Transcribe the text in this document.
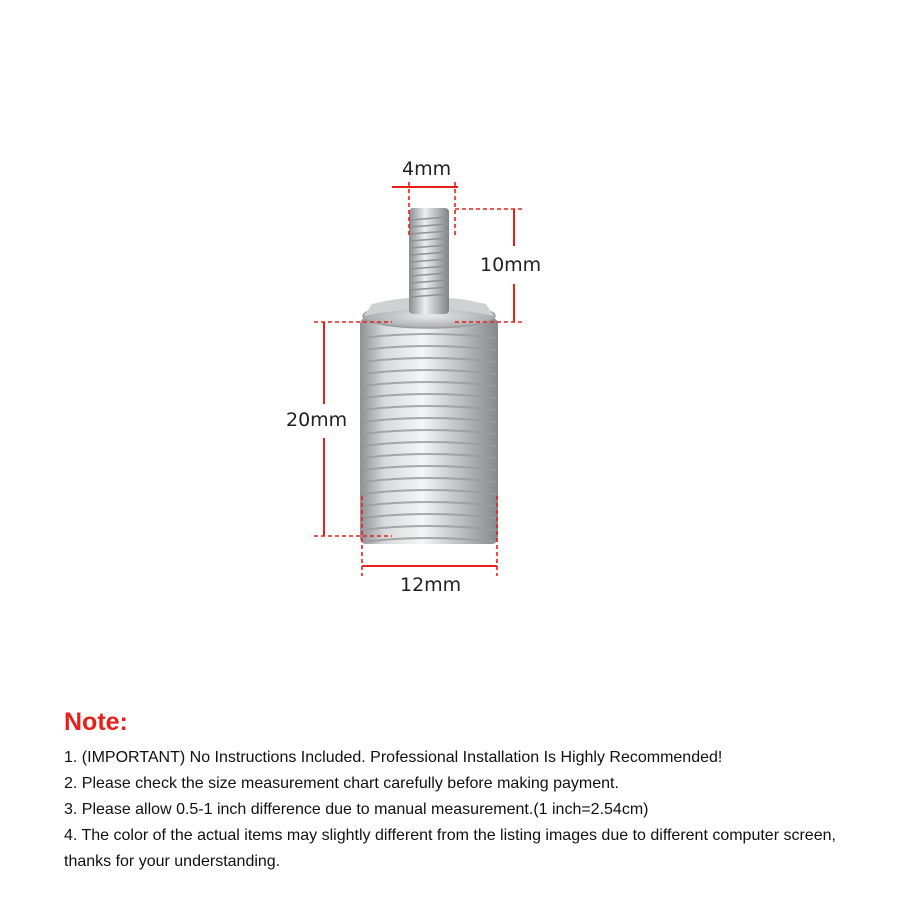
4mm
10mm
20mm
12mm
Note:
1. (IMPORTANT) No Instructions Included. Professional Installation Is Highly Recommended!
2. Please check the size measurement chart carefully before making payment.
3. Please allow 0.5-1 inch difference due to manual measurement.(1 inch=2.54cm)
4. The color of the actual items may slightly different from the listing images due to different computer screen, thanks for your understanding.
